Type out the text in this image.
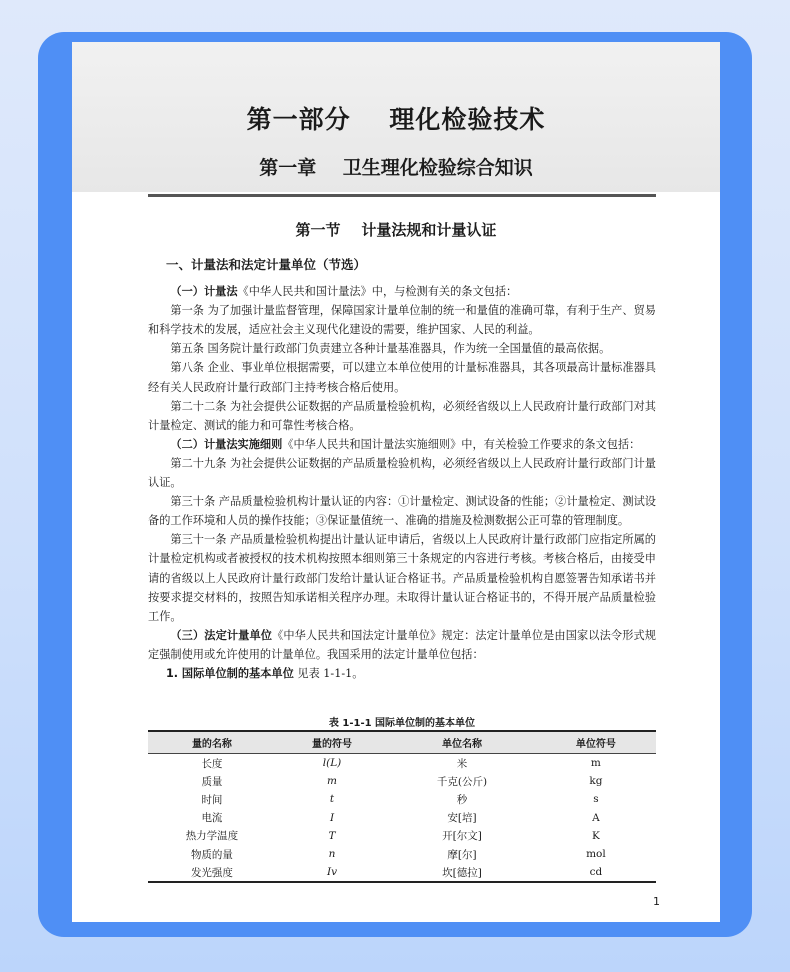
第一部分    理化检验技术
第一章    卫生理化检验综合知识
第一节    计量法规和计量认证

一、计量法和法定计量单位（节选）

（一）计量法《中华人民共和国计量法》中，与检测有关的条文包括：

第一条 为了加强计量监督管理，保障国家计量单位制的统一和量值的准确可靠，有利于生产、贸易和科学技术的发展，适应社会主义现代化建设的需要，维护国家、人民的利益。

第五条 国务院计量行政部门负责建立各种计量基准器具，作为统一全国量值的最高依据。

第八条 企业、事业单位根据需要，可以建立本单位使用的计量标准器具，其各项最高计量标准器具经有关人民政府计量行政部门主持考核合格后使用。

第二十二条 为社会提供公证数据的产品质量检验机构，必须经省级以上人民政府计量行政部门对其计量检定、测试的能力和可靠性考核合格。

（二）计量法实施细则《中华人民共和国计量法实施细则》中，有关检验工作要求的条文包括：

第二十九条 为社会提供公证数据的产品质量检验机构，必须经省级以上人民政府计量行政部门计量认证。

第三十条 产品质量检验机构计量认证的内容：①计量检定、测试设备的性能；②计量检定、测试设备的工作环境和人员的操作技能；③保证量值统一、准确的措施及检测数据公正可靠的管理制度。

第三十一条 产品质量检验机构提出计量认证申请后，省级以上人民政府计量行政部门应指定所属的计量检定机构或者被授权的技术机构按照本细则第三十条规定的内容进行考核。考核合格后，由接受申请的省级以上人民政府计量行政部门发给计量认证合格证书。产品质量检验机构自愿签署告知承诺书并按要求提交材料的，按照告知承诺相关程序办理。未取得计量认证合格证书的，不得开展产品质量检验工作。

（三）法定计量单位《中华人民共和国法定计量单位》规定：法定计量单位是由国家以法令形式规定强制使用或允许使用的计量单位。我国采用的法定计量单位包括：

1. 国际单位制的基本单位 见表 1-1-1。

表 1-1-1 国际单位制的基本单位
量的名称	量的符号	单位名称	单位符号
长度	l(L)	米	m
质量	m	千克(公斤)	kg
时间	t	秒	s
电流	I	安[培]	A
热力学温度	T	开[尔文]	K
物质的量	n	摩[尔]	mol
发光强度	Iv	坎[德拉]	cd
1
